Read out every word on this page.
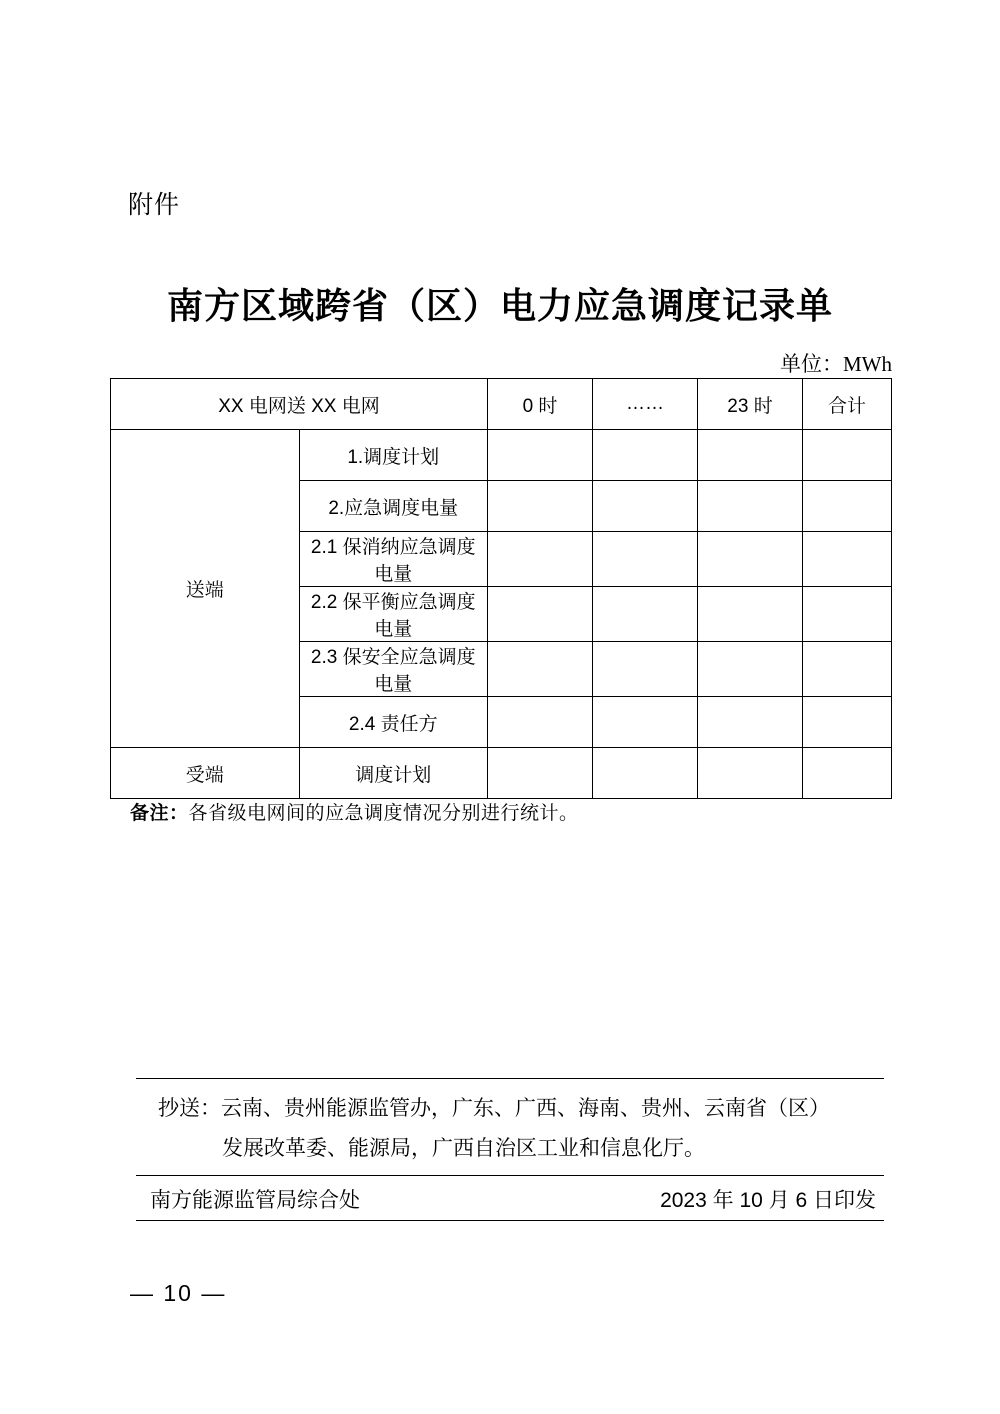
附件
南方区域跨省（区）电力应急调度记录单
单位：MWh
XX 电网送 XX 电网		0 时	……	23 时	合计
送端	1.调度计划				
	2.应急调度电量				
	2.1 保消纳应急调度电量				
	2.2 保平衡应急调度电量				
	2.3 保安全应急调度电量				
	2.4 责任方				
受端	调度计划				
备注：各省级电网间的应急调度情况分别进行统计。
抄送：云南、贵州能源监管办，广东、广西、海南、贵州、云南省（区）
发展改革委、能源局，广西自治区工业和信息化厅。
南方能源监管局综合处	2023 年 10 月 6 日印发
— 10 —
